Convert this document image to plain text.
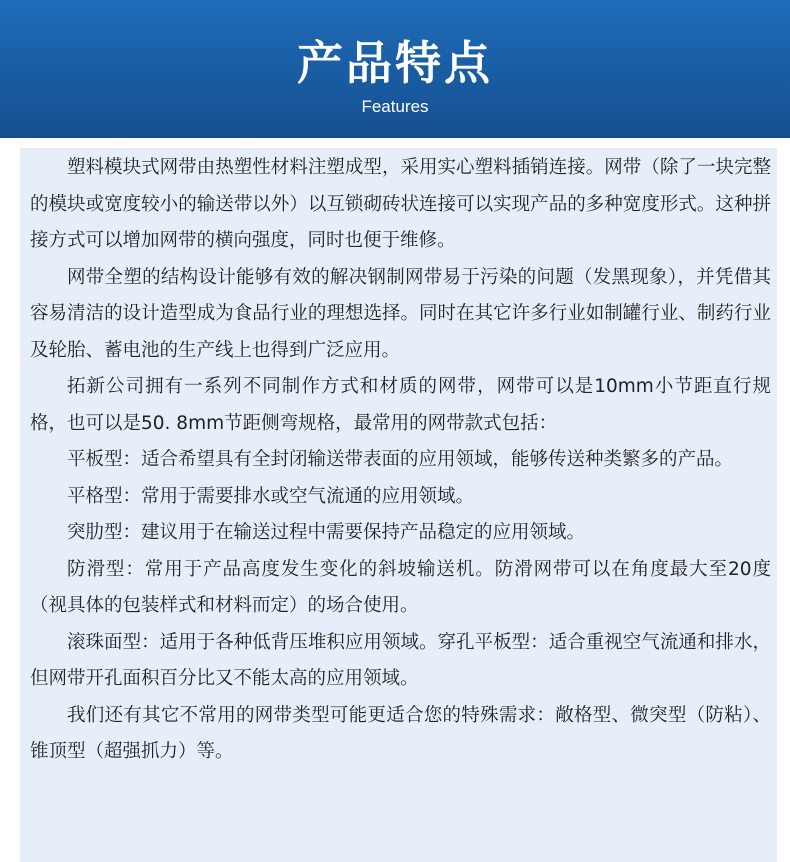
产品特点
Features

塑料模块式网带由热塑性材料注塑成型，采用实心塑料插销连接。网带（除了一块完整的模块或宽度较小的输送带以外）以互锁砌砖状连接可以实现产品的多种宽度形式。这种拼接方式可以增加网带的横向强度，同时也便于维修。

网带全塑的结构设计能够有效的解决钢制网带易于污染的问题（发黑现象），并凭借其容易清洁的设计造型成为食品行业的理想选择。同时在其它许多行业如制罐行业、制药行业及轮胎、蓄电池的生产线上也得到广泛应用。

拓新公司拥有一系列不同制作方式和材质的网带，网带可以是10mm小节距直行规格，也可以是50. 8mm节距侧弯规格，最常用的网带款式包括：

平板型：适合希望具有全封闭输送带表面的应用领域，能够传送种类繁多的产品。

平格型：常用于需要排水或空气流通的应用领域。

突肋型：建议用于在输送过程中需要保持产品稳定的应用领域。

防滑型：常用于产品高度发生变化的斜坡输送机。防滑网带可以在角度最大至20度（视具体的包装样式和材料而定）的场合使用。

滚珠面型：适用于各种低背压堆积应用领域。穿孔平板型：适合重视空气流通和排水，但网带开孔面积百分比又不能太高的应用领域。

我们还有其它不常用的网带类型可能更适合您的特殊需求：敞格型、微突型（防粘）、锥顶型（超强抓力）等。
